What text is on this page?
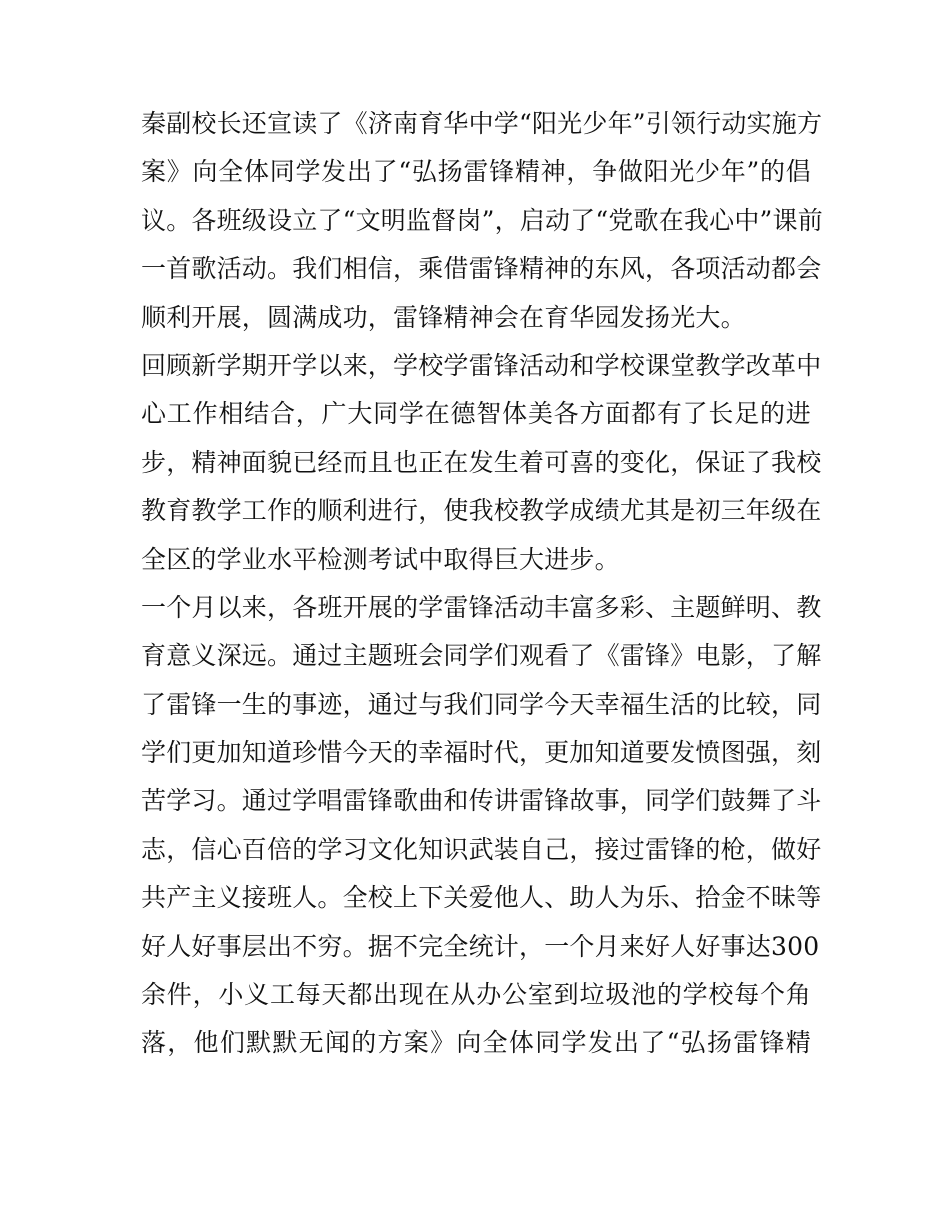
秦副校长还宣读了《济南育华中学“阳光少年”引领行动实施方
案》向全体同学发出了“弘扬雷锋精神，争做阳光少年”的倡
议。各班级设立了“文明监督岗”，启动了“党歌在我心中”课前
一首歌活动。我们相信，乘借雷锋精神的东风，各项活动都会
顺利开展，圆满成功，雷锋精神会在育华园发扬光大。
回顾新学期开学以来，学校学雷锋活动和学校课堂教学改革中
心工作相结合，广大同学在德智体美各方面都有了长足的进
步，精神面貌已经而且也正在发生着可喜的变化，保证了我校
教育教学工作的顺利进行，使我校教学成绩尤其是初三年级在
全区的学业水平检测考试中取得巨大进步。
一个月以来，各班开展的学雷锋活动丰富多彩、主题鲜明、教
育意义深远。通过主题班会同学们观看了《雷锋》电影，了解
了雷锋一生的事迹，通过与我们同学今天幸福生活的比较，同
学们更加知道珍惜今天的幸福时代，更加知道要发愤图强，刻
苦学习。通过学唱雷锋歌曲和传讲雷锋故事，同学们鼓舞了斗
志，信心百倍的学习文化知识武装自己，接过雷锋的枪，做好
共产主义接班人。全校上下关爱他人、助人为乐、拾金不昧等
好人好事层出不穷。据不完全统计，一个月来好人好事达300
余件，小义工每天都出现在从办公室到垃圾池的学校每个角
落，他们默默无闻的方案》向全体同学发出了“弘扬雷锋精
